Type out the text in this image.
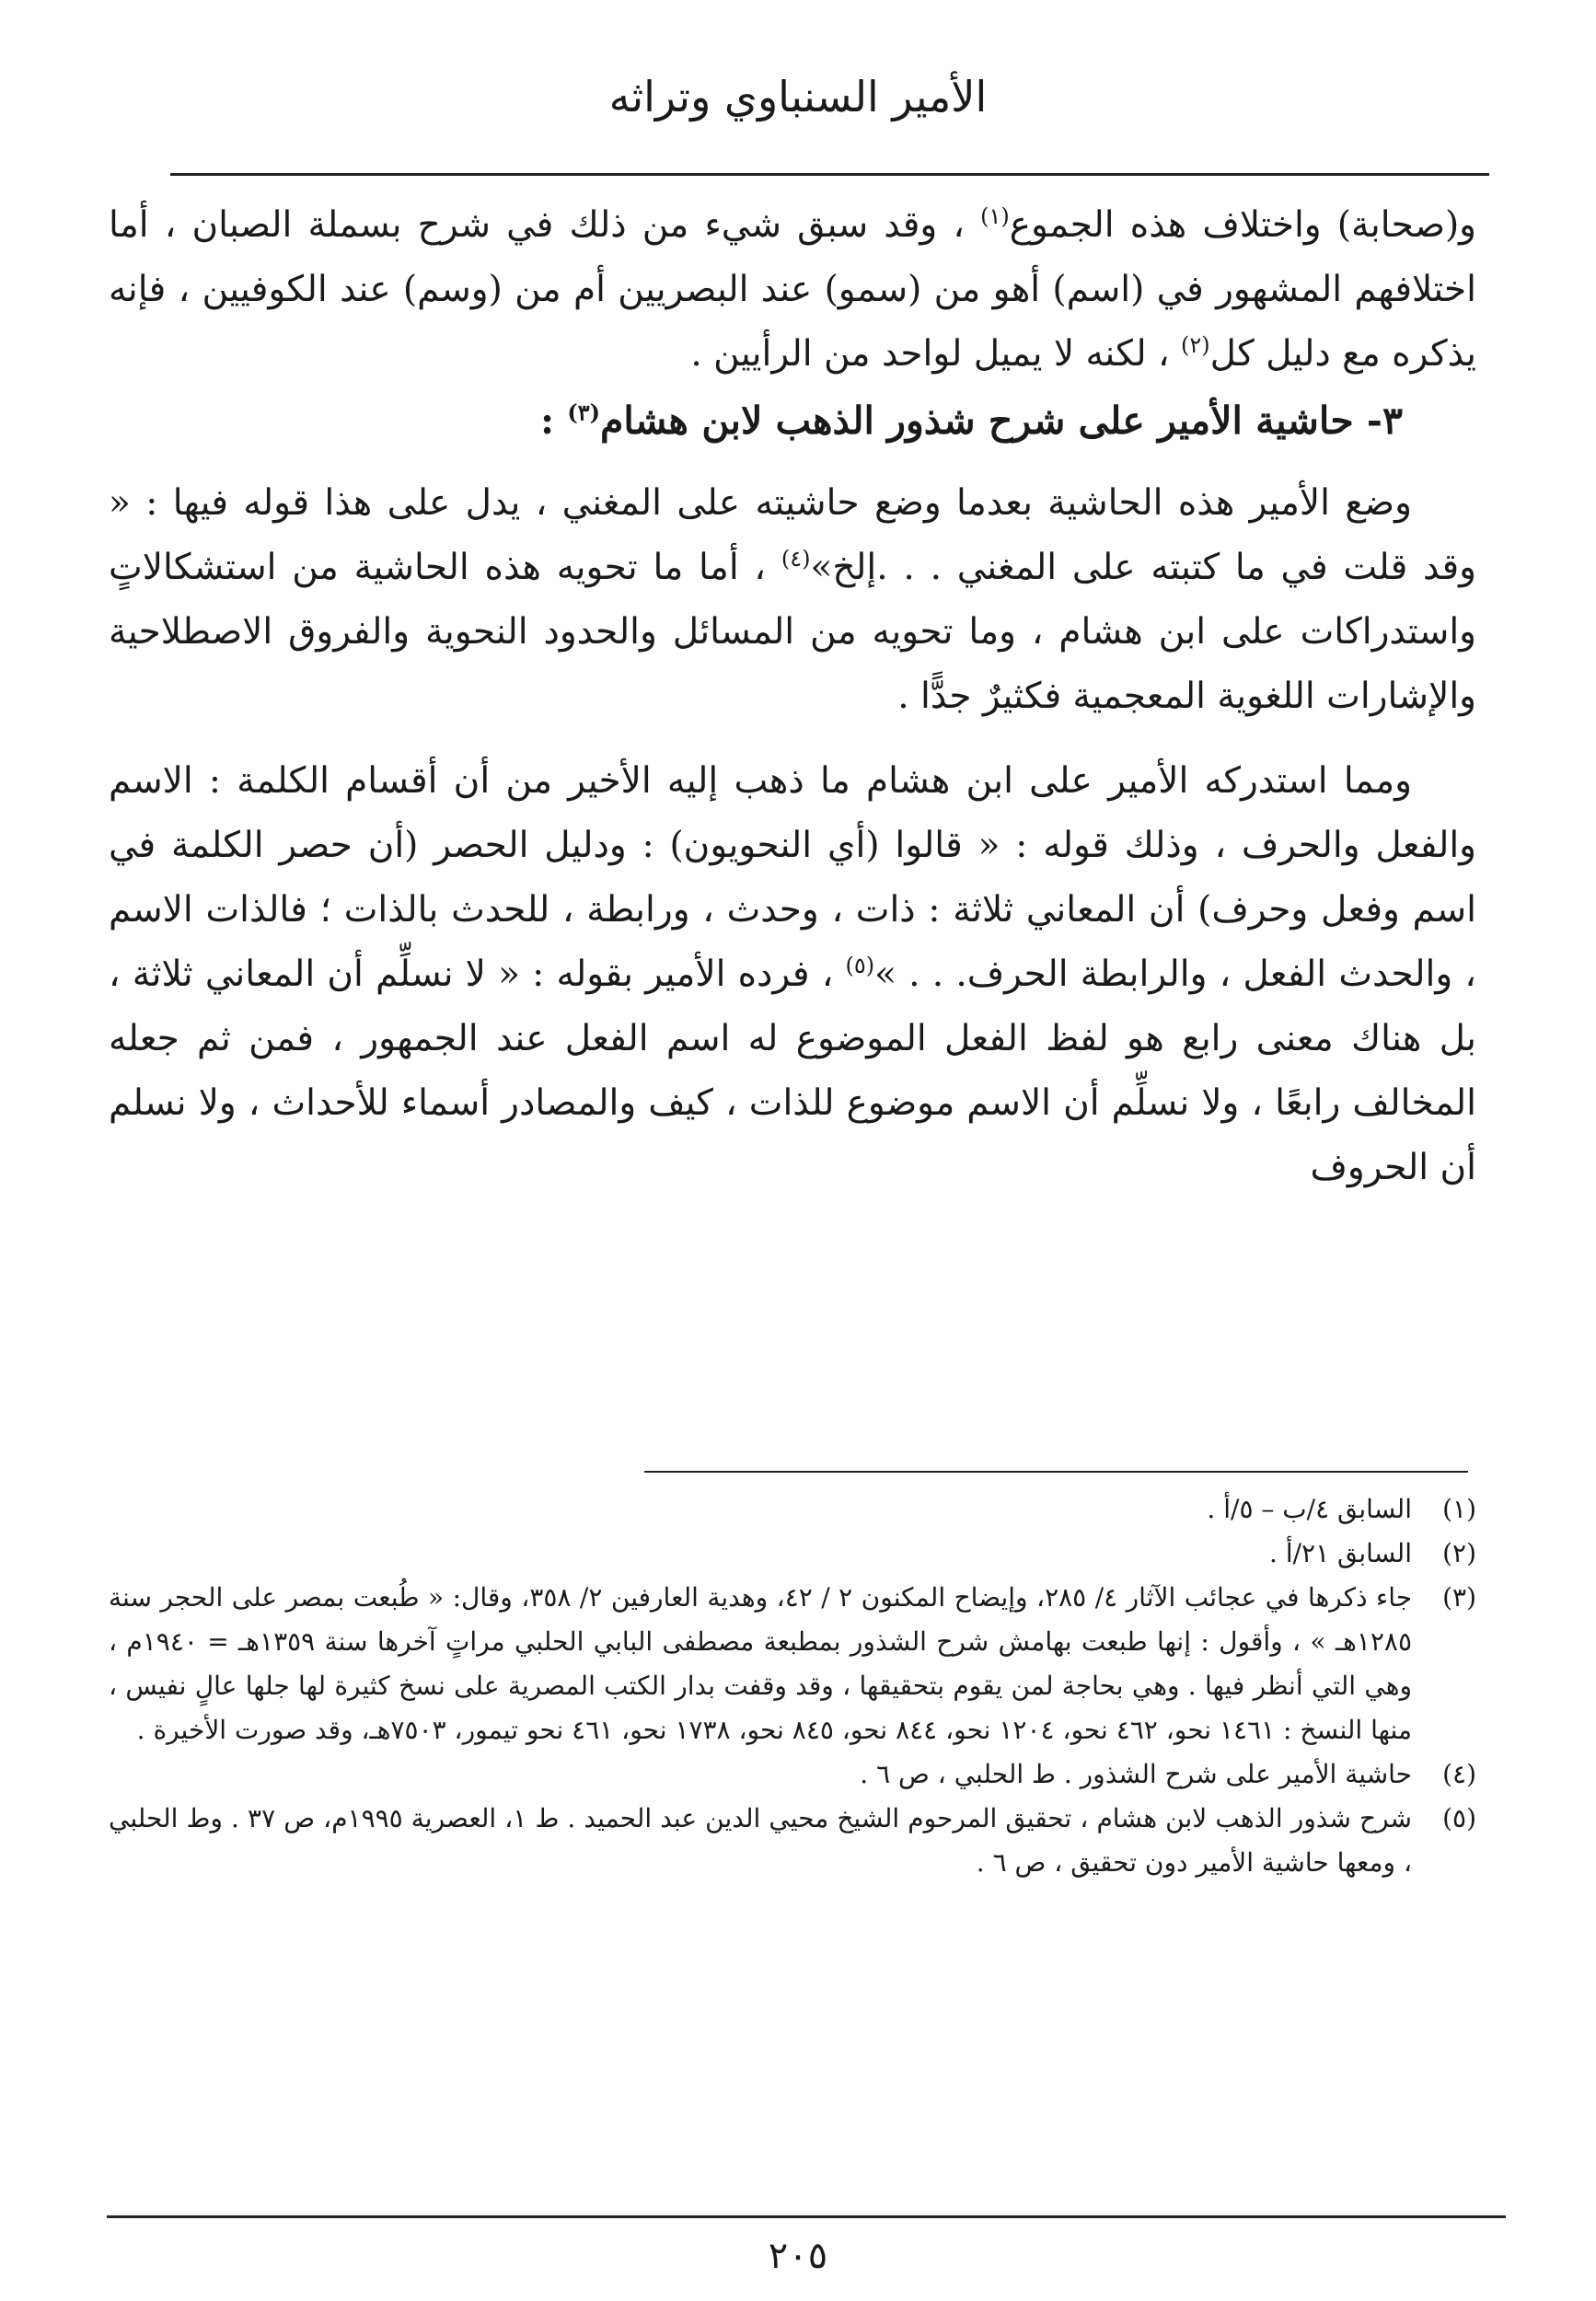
الأمير السنباوي وتراثه

و(صحابة) واختلاف هذه الجموع$^{(١)}$ ، وقد سبق شيء من ذلك في شرح بسملة الصبان ، أما اختلافهم المشهور في (اسم) أهو من (سمو) عند البصريين أم من (وسم) عند الكوفيين ، فإنه يذكره مع دليل كل$^{(٢)}$ ، لكنه لا يميل لواحد من الرأيين .

٣- حاشية الأمير على شرح شذور الذهب لابن هشام$^{(٣)}$ :

وضع الأمير هذه الحاشية بعدما وضع حاشيته على المغني ، يدل على هذا قوله فيها : « وقد قلت في ما كتبته على المغني . . .إلخ»$^{(٤)}$ ، أما ما تحويه هذه الحاشية من استشكالاتٍ واستدراكات على ابن هشام ، وما تحويه من المسائل والحدود النحوية والفروق الاصطلاحية والإشارات اللغوية المعجمية فكثيرٌ جدًّا .

ومما استدركه الأمير على ابن هشام ما ذهب إليه الأخير من أن أقسام الكلمة : الاسم والفعل والحرف ، وذلك قوله : « قالوا (أي النحويون) : ودليل الحصر (أن حصر الكلمة في اسم وفعل وحرف) أن المعاني ثلاثة : ذات ، وحدث ، ورابطة ، للحدث بالذات ؛ فالذات الاسم ، والحدث الفعل ، والرابطة الحرف. . . »$^{(٥)}$ ، فرده الأمير بقوله : « لا نسلِّم أن المعاني ثلاثة ، بل هناك معنى رابع هو لفظ الفعل الموضوع له اسم الفعل عند الجمهور ، فمن ثم جعله المخالف رابعًا ، ولا نسلِّم أن الاسم موضوع للذات ، كيف والمصادر أسماء للأحداث ، ولا نسلم أن الحروف

(١)
السابق ٤/ب – ٥/أ .
(٢)
السابق ٢١/أ .
(٣)
جاء ذكرها في عجائب الآثار ٤/ ٢٨٥، وإيضاح المكنون ٢ / ٤٢، وهدية العارفين ٢/ ٣٥٨، وقال: « طُبعت بمصر على الحجر سنة ١٢٨٥هـ » ، وأقول : إنها طبعت بهامش شرح الشذور بمطبعة مصطفى البابي الحلبي مراتٍ آخرها سنة ١٣٥٩هـ = ١٩٤٠م ، وهي التي أنظر فيها . وهي بحاجة لمن يقوم بتحقيقها ، وقد وقفت بدار الكتب المصرية على نسخ كثيرة لها جلها عالٍ نفيس ، منها النسخ : ١٤٦١ نحو، ٤٦٢ نحو، ١٢٠٤ نحو، ٨٤٤ نحو، ٨٤٥ نحو، ١٧٣٨ نحو، ٤٦١ نحو تيمور، ٧٥٠٣هـ، وقد صورت الأخيرة .
(٤)
حاشية الأمير على شرح الشذور . ط الحلبي ، ص ٦ .
(٥)
شرح شذور الذهب لابن هشام ، تحقيق المرحوم الشيخ محيي الدين عبد الحميد . ط ١، العصرية ١٩٩٥م، ص ٣٧ . وط الحلبي ، ومعها حاشية الأمير دون تحقيق ، ص ٦ .
٢٠٥
